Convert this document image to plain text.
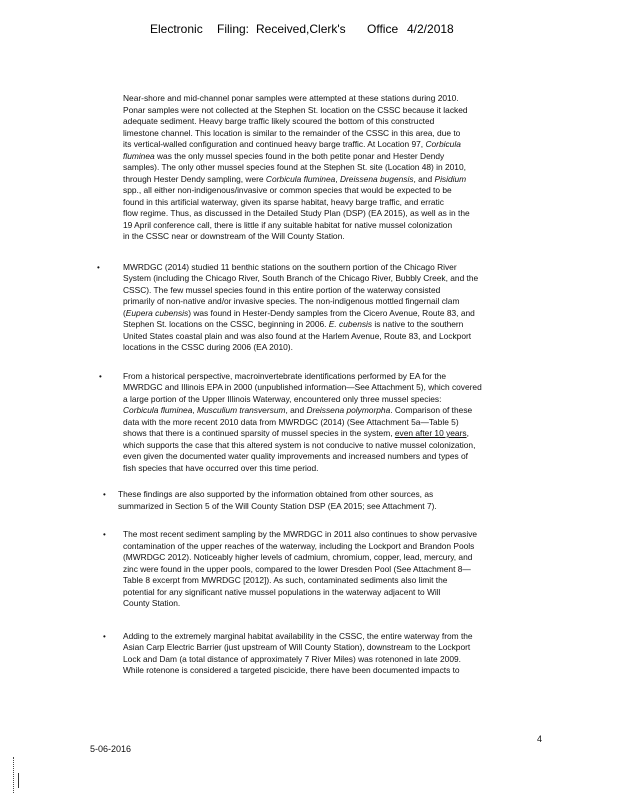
Electronic Filing: Received,Clerk's Office 4/2/2018

Near-shore and mid-channel ponar samples were attempted at these stations during 2010.

Ponar samples were not collected at the Stephen St. location on the CSSC because it lacked

adequate sediment. Heavy barge traffic likely scoured the bottom of this constructed

limestone channel. This location is similar to the remainder of the CSSC in this area, due to

its vertical-walled configuration and continued heavy barge traffic. At Location 97, Corbicula

fluminea was the only mussel species found in the both petite ponar and Hester Dendy

samples). The only other mussel species found at the Stephen St. site (Location 48) in 2010,

through Hester Dendy sampling, were Corbicula fluminea, Dreissena bugensis, and Pisidium

spp., all either non-indigenous/invasive or common species that would be expected to be

found in this artificial waterway, given its sparse habitat, heavy barge traffic, and erratic

flow regime. Thus, as discussed in the Detailed Study Plan (DSP) (EA 2015), as well as in the

19 April conference call, there is little if any suitable habitat for native mussel colonization

in the CSSC near or downstream of the Will County Station.

•	MWRDGC (2014) studied 11 benthic stations on the southern portion of the Chicago River

System (including the Chicago River, South Branch of the Chicago River, Bubbly Creek, and the

CSSC). The few mussel species found in this entire portion of the waterway consisted

primarily of non-native and/or invasive species. The non-indigenous mottled fingernail clam

(Eupera cubensis) was found in Hester-Dendy samples from the Cicero Avenue, Route 83, and

Stephen St. locations on the CSSC, beginning in 2006. E. cubensis is native to the southern

United States coastal plain and was also found at the Harlem Avenue, Route 83, and Lockport

locations in the CSSC during 2006 (EA 2010).

•	From a historical perspective, macroinvertebrate identifications performed by EA for the

MWRDGC and Illinois EPA in 2000 (unpublished information—See Attachment 5), which covered

a large portion of the Upper Illinois Waterway, encountered only three mussel species:

Corbicula fluminea, Musculium transversum, and Dreissena polymorpha. Comparison of these

data with the more recent 2010 data from MWRDGC (2014) (See Attachment 5a—Table 5)

shows that there is a continued sparsity of mussel species in the system, even after 10 years,

which supports the case that this altered system is not conducive to native mussel colonization,

even given the documented water quality improvements and increased numbers and types of

fish species that have occurred over this time period.

• These findings are also supported by the information obtained from other sources, as

summarized in Section 5 of the Will County Station DSP (EA 2015; see Attachment 7).

• The most recent sediment sampling by the MWRDGC in 2011 also continues to show pervasive

contamination of the upper reaches of the waterway, including the Lockport and Brandon Pools

(MWRDGC 2012). Noticeably higher levels of cadmium, chromium, copper, lead, mercury, and

zinc were found in the upper pools, compared to the lower Dresden Pool (See Attachment 8—

Table 8 excerpt from MWRDGC [2012]). As such, contaminated sediments also limit the

potential for any significant native mussel populations in the waterway adjacent to Will

County Station.

• Adding to the extremely marginal habitat availability in the CSSC, the entire waterway from the

Asian Carp Electric Barrier (just upstream of Will County Station), downstream to the Lockport

Lock and Dam (a total distance of approximately 7 River Miles) was rotenoned in late 2009.

While rotenone is considered a targeted piscicide, there have been documented impacts to

5-06-2016
4
